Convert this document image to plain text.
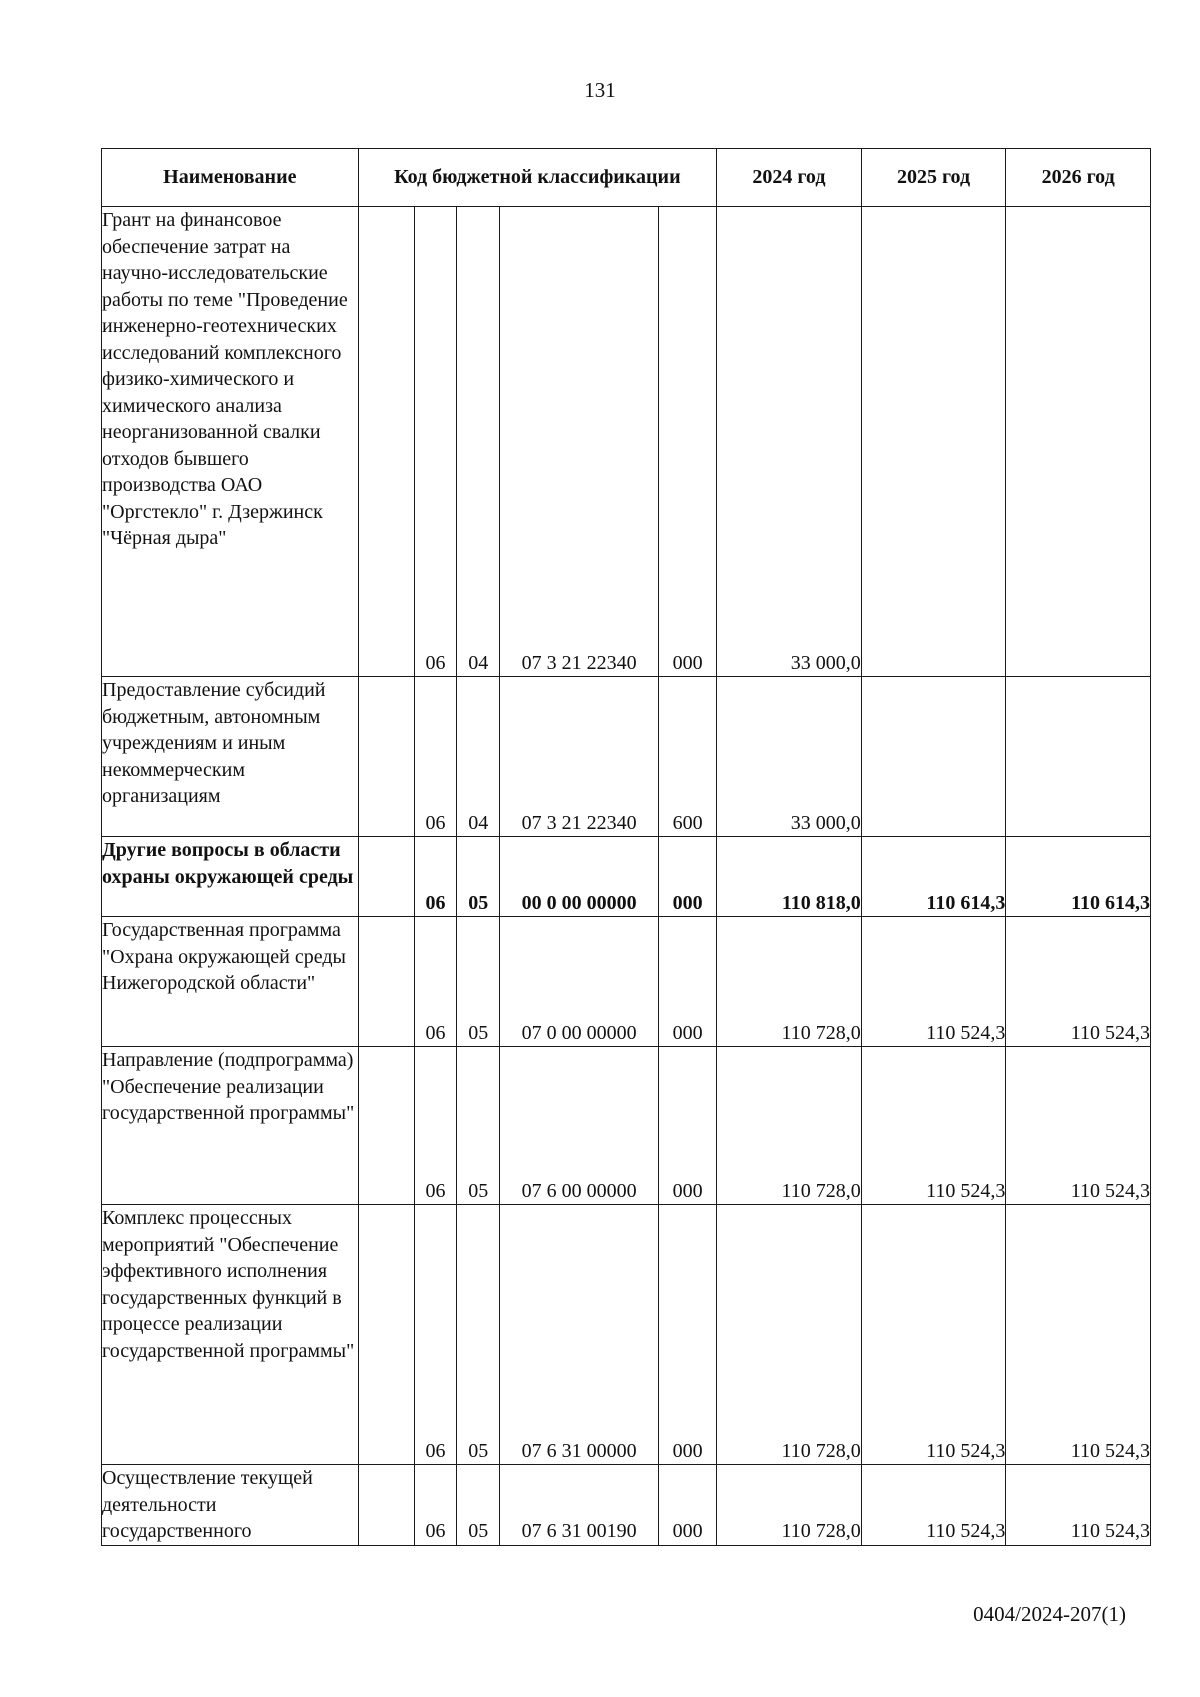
131
Наименование	Код бюджетной классификации					2024 год	2025 год	2026 год
Грант на финансовое обеспечение затрат на научно-исследовательские работы по теме "Проведение инженерно-геотехнических исследований комплексного физико-химического и химического анализа неорганизованной свалки отходов бывшего производства ОАО "Оргстекло" г. Дзержинск "Чёрная дыра"		06	04	07 3 21 22340	000	33 000,0		
Предоставление субсидий бюджетным, автономным учреждениям и иным некоммерческим организациям		06	04	07 3 21 22340	600	33 000,0		
Другие вопросы в области охраны окружающей среды		06	05	00 0 00 00000	000	110 818,0	110 614,3	110 614,3
Государственная программа "Охрана окружающей среды Нижегородской области"		06	05	07 0 00 00000	000	110 728,0	110 524,3	110 524,3
Направление (подпрограмма) "Обеспечение реализации государственной программы"		06	05	07 6 00 00000	000	110 728,0	110 524,3	110 524,3
Комплекс процессных мероприятий "Обеспечение эффективного исполнения государственных функций в процессе реализации государственной программы"		06	05	07 6 31 00000	000	110 728,0	110 524,3	110 524,3
Осуществление текущей деятельности государственного		06	05	07 6 31 00190	000	110 728,0	110 524,3	110 524,3
0404/2024-207(1)
